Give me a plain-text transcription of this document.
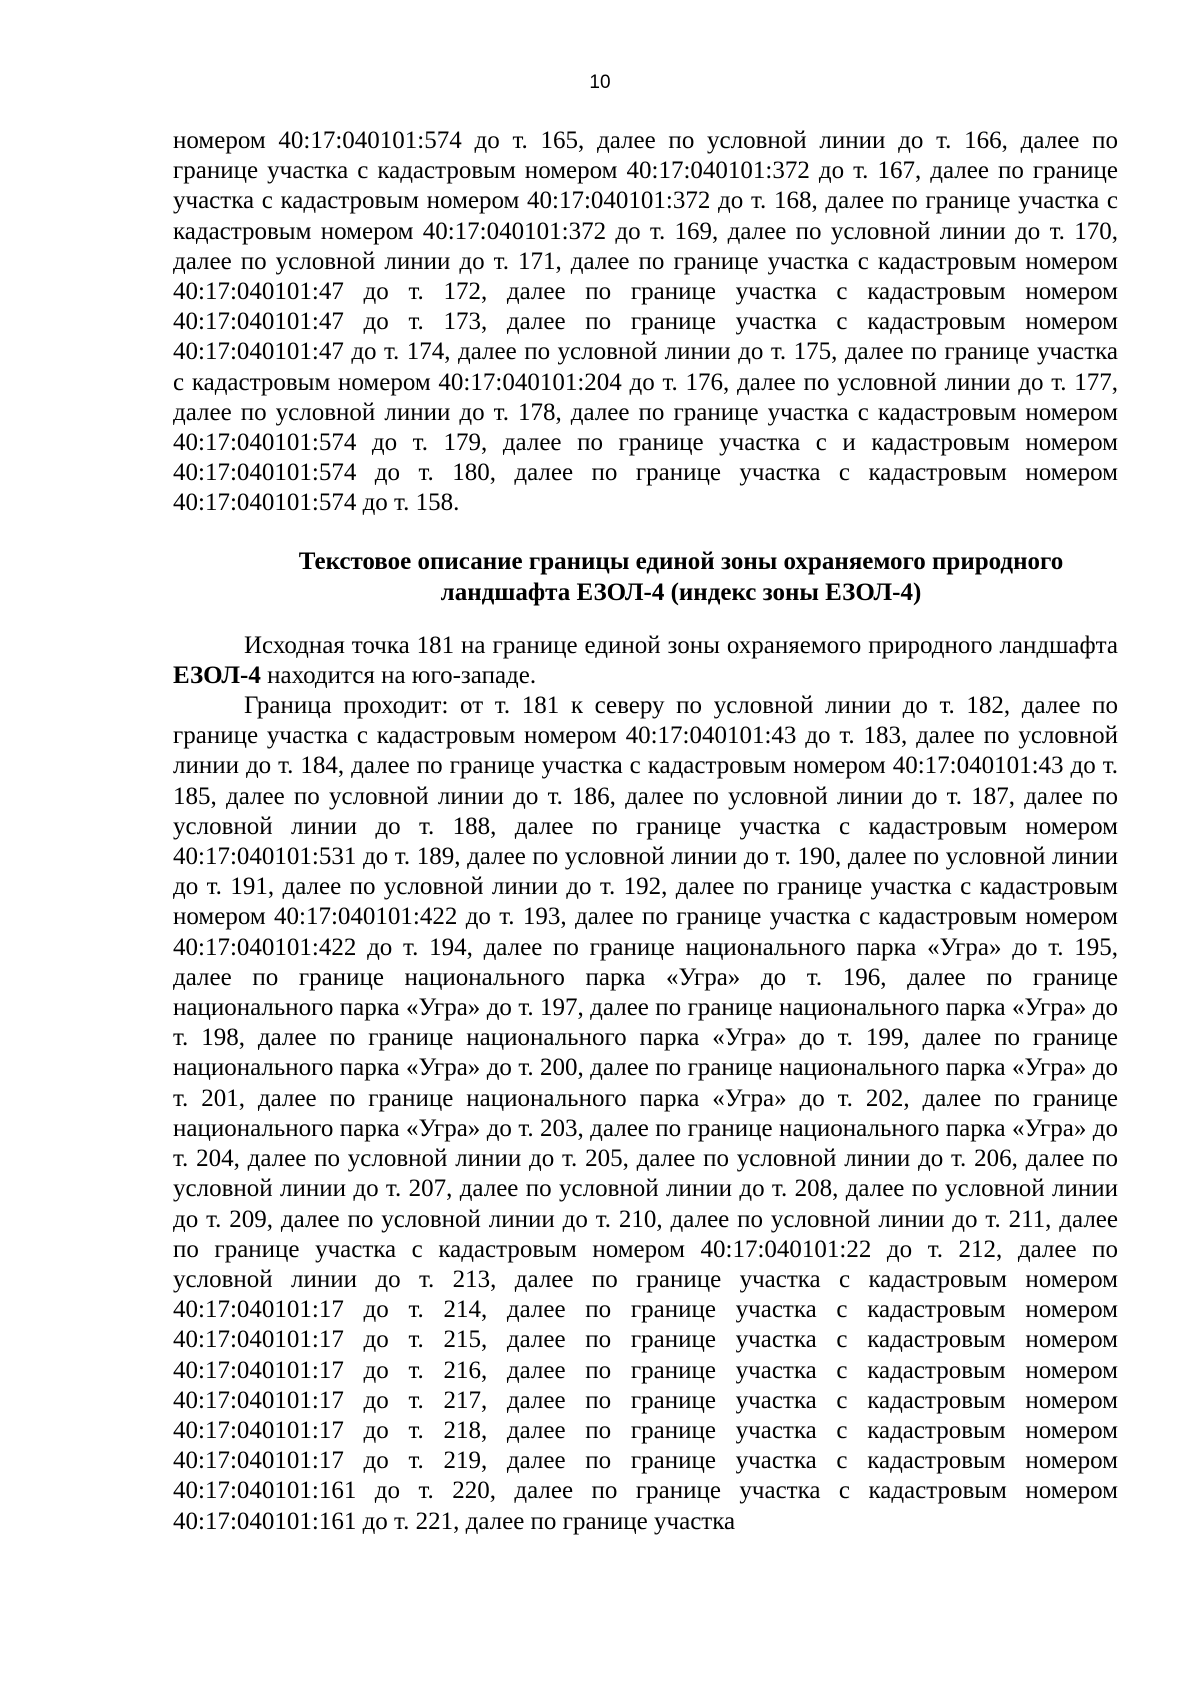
10

номером 40:17:040101:574 до т. 165, далее по условной линии до т. 166, далее по границе участка с кадастровым номером 40:17:040101:372 до т. 167, далее по границе участка с кадастровым номером 40:17:040101:372 до т. 168, далее по границе участка с кадастровым номером 40:17:040101:372 до т. 169, далее по условной линии до т. 170, далее по условной линии до т. 171, далее по границе участка с кадастровым номером 40:17:040101:47 до т. 172, далее по границе участка с кадастровым номером 40:17:040101:47 до т. 173, далее по границе участка с кадастровым номером 40:17:040101:47 до т. 174, далее по условной линии до т. 175, далее по границе участка с кадастровым номером 40:17:040101:204 до т. 176, далее по условной линии до т. 177, далее по условной линии до т. 178, далее по границе участка с кадастровым номером 40:17:040101:574 до т. 179, далее по границе участка с и кадастровым номером 40:17:040101:574 до т. 180, далее по границе участка с кадастровым номером 40:17:040101:574 до т. 158.

Текстовое описание границы единой зоны охраняемого природного
ландшафта ЕЗОЛ-4 (индекс зоны ЕЗОЛ-4)

Исходная точка 181 на границе единой зоны охраняемого природного ландшафта ЕЗОЛ-4 находится на юго-западе.

Граница проходит: от т. 181 к северу по условной линии до т. 182, далее по границе участка с кадастровым номером 40:17:040101:43 до т. 183, далее по условной линии до т. 184, далее по границе участка с кадастровым номером 40:17:040101:43 до т. 185, далее по условной линии до т. 186, далее по условной линии до т. 187, далее по условной линии до т. 188, далее по границе участка с кадастровым номером 40:17:040101:531 до т. 189, далее по условной линии до т. 190, далее по условной линии до т. 191, далее по условной линии до т. 192, далее по границе участка с кадастровым номером 40:17:040101:422 до т. 193, далее по границе участка с кадастровым номером 40:17:040101:422 до т. 194, далее по границе национального парка «Угра» до т. 195, далее по границе национального парка «Угра» до т. 196, далее по границе национального парка «Угра» до т. 197, далее по границе национального парка «Угра» до т. 198, далее по границе национального парка «Угра» до т. 199, далее по границе национального парка «Угра» до т. 200, далее по границе национального парка «Угра» до т. 201, далее по границе национального парка «Угра» до т. 202, далее по границе национального парка «Угра» до т. 203, далее по границе национального парка «Угра» до т. 204, далее по условной линии до т. 205, далее по условной линии до т. 206, далее по условной линии до т. 207, далее по условной линии до т. 208, далее по условной линии до т. 209, далее по условной линии до т. 210, далее по условной линии до т. 211, далее по границе участка с кадастровым номером 40:17:040101:22 до т. 212, далее по условной линии до т. 213, далее по границе участка с кадастровым номером 40:17:040101:17 до т. 214, далее по границе участка с кадастровым номером 40:17:040101:17 до т. 215, далее по границе участка с кадастровым номером 40:17:040101:17 до т. 216, далее по границе участка с кадастровым номером 40:17:040101:17 до т. 217, далее по границе участка с кадастровым номером 40:17:040101:17 до т. 218, далее по границе участка с кадастровым номером 40:17:040101:17 до т. 219, далее по границе участка с кадастровым номером 40:17:040101:161 до т. 220, далее по границе участка с кадастровым номером 40:17:040101:161 до т. 221, далее по границе участка
